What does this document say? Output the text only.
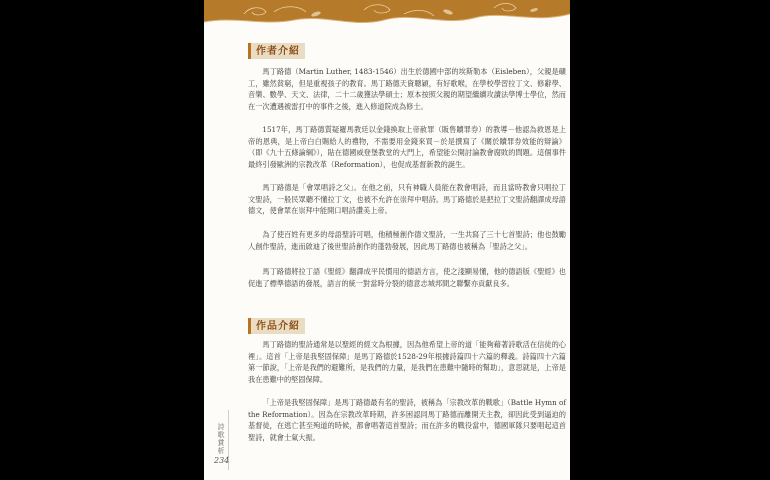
作者介紹

馬丁路德（Martin Luther, 1483-1546）出生於德國中部的埃斯勒本（Eisleben），父親是礦工，雖然貧窮，但是重視孩子的教育。馬丁路德天資聰穎，有好歌喉，在學校學習拉丁文、修辭學、音樂、數學、天文、法律，二十二歲獲法學碩士；原本按照父親的期望繼續攻讀法學博士學位，然而在一次遭遇被雷打中的事件之後，進入修道院成為修士。

1517年，馬丁路德質疑羅馬教廷以金錢換取上帝赦罪（販售贖罪券）的教導－他認為救恩是上帝的恩典，是上帝白白賜給人的禮物，不需要用金錢來買－於是撰寫了《關於贖罪券效能的辯論》（即《九十五條論綱》），貼在德國威登堡教堂的大門上，希望能公開討論教會腐敗的問題。這個事件最終引發歐洲的宗教改革（Reformation），也促成基督新教的誕生。

馬丁路德是「會眾唱詩之父」。在他之前，只有神職人員能在教會唱詩，而且當時教會只唱拉丁文聖詩，一般民眾聽不懂拉丁文，也被不允許在崇拜中唱詩。馬丁路德於是把拉丁文聖詩翻譯成母語德文，使會眾在崇拜中能開口唱詩讚美上帝。

為了使百姓有更多的母語聖詩可唱，他積極創作德文聖詩，一生共寫了三十七首聖詩；他也鼓勵人創作聖詩，進而啟迪了後世聖詩創作的蓬勃發展，因此馬丁路德也被稱為「聖詩之父」。

馬丁路德將拉丁語《聖經》翻譯成平民慣用的德語方言，使之淺顯易懂，他的德語版《聖經》也促進了標準德語的發展，語言的統一對當時分裂的德意志城邦間之聯繫亦貢獻良多。

作品介紹

馬丁路德的聖詩通常是以聖經的經文為根據，因為他希望上帝的道「能夠藉著詩歌活在信徒的心裡」。這首「上帝是我堅固保障」是馬丁路德於1528-29年根據詩篇四十六篇的釋義。詩篇四十六篇第一節說，「上帝是我們的避難所，是我們的力量，是我們在患難中隨時的幫助」，意思就是，上帝是我在患難中的堅固保障。

「上帝是我堅固保障」是馬丁路德最有名的聖詩，被稱為「宗教改革的戰歌」（Battle Hymn of the Reformation）。因為在宗教改革時期，許多困認同馬丁路德而離開天主教，卻因此受到逼迫的基督徒，在逃亡甚至殉道的時候，都會唱著這首聖詩；而在許多的戰役當中，德國軍隊只要唱起這首聖詩，就會士氣大振。

詩歌賞析
234
